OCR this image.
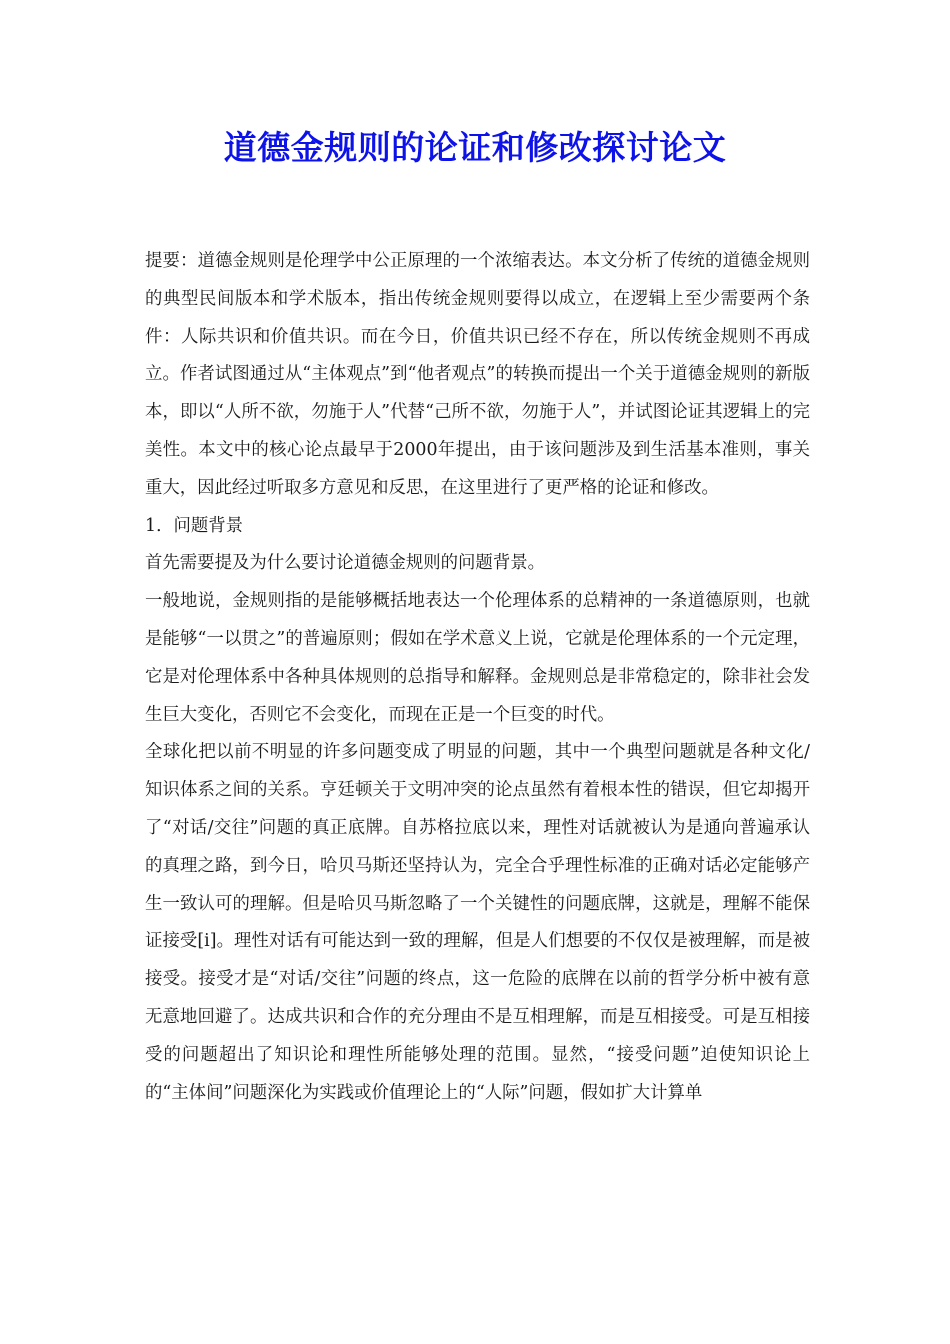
道德金规则的论证和修改探讨论文

提要：道德金规则是伦理学中公正原理的一个浓缩表达。本文分析了传统的道德金规则的典型民间版本和学术版本，指出传统金规则要得以成立，在逻辑上至少需要两个条件：人际共识和价值共识。而在今日，价值共识已经不存在，所以传统金规则不再成立。作者试图通过从“主体观点”到“他者观点”的转换而提出一个关于道德金规则的新版本，即以“人所不欲，勿施于人”代替“己所不欲，勿施于人”，并试图论证其逻辑上的完美性。本文中的核心论点最早于2000年提出，由于该问题涉及到生活基本准则，事关重大，因此经过听取多方意见和反思，在这里进行了更严格的论证和修改。

1．问题背景

首先需要提及为什么要讨论道德金规则的问题背景。

一般地说，金规则指的是能够概括地表达一个伦理体系的总精神的一条道德原则，也就是能够“一以贯之”的普遍原则；假如在学术意义上说，它就是伦理体系的一个元定理，它是对伦理体系中各种具体规则的总指导和解释。金规则总是非常稳定的，除非社会发生巨大变化，否则它不会变化，而现在正是一个巨变的时代。

全球化把以前不明显的许多问题变成了明显的问题，其中一个典型问题就是各种文化/知识体系之间的关系。亨廷顿关于文明冲突的论点虽然有着根本性的错误，但它却揭开了“对话/交往”问题的真正底牌。自苏格拉底以来，理性对话就被认为是通向普遍承认的真理之路，到今日，哈贝马斯还坚持认为，完全合乎理性标准的正确对话必定能够产生一致认可的理解。但是哈贝马斯忽略了一个关键性的问题底牌，这就是，理解不能保证接受[i]。理性对话有可能达到一致的理解，但是人们想要的不仅仅是被理解，而是被接受。接受才是“对话/交往”问题的终点，这一危险的底牌在以前的哲学分析中被有意无意地回避了。达成共识和合作的充分理由不是互相理解，而是互相接受。可是互相接受的问题超出了知识论和理性所能够处理的范围。显然，“接受问题”迫使知识论上的“主体间”问题深化为实践或价值理论上的“人际”问题，假如扩大计算单
